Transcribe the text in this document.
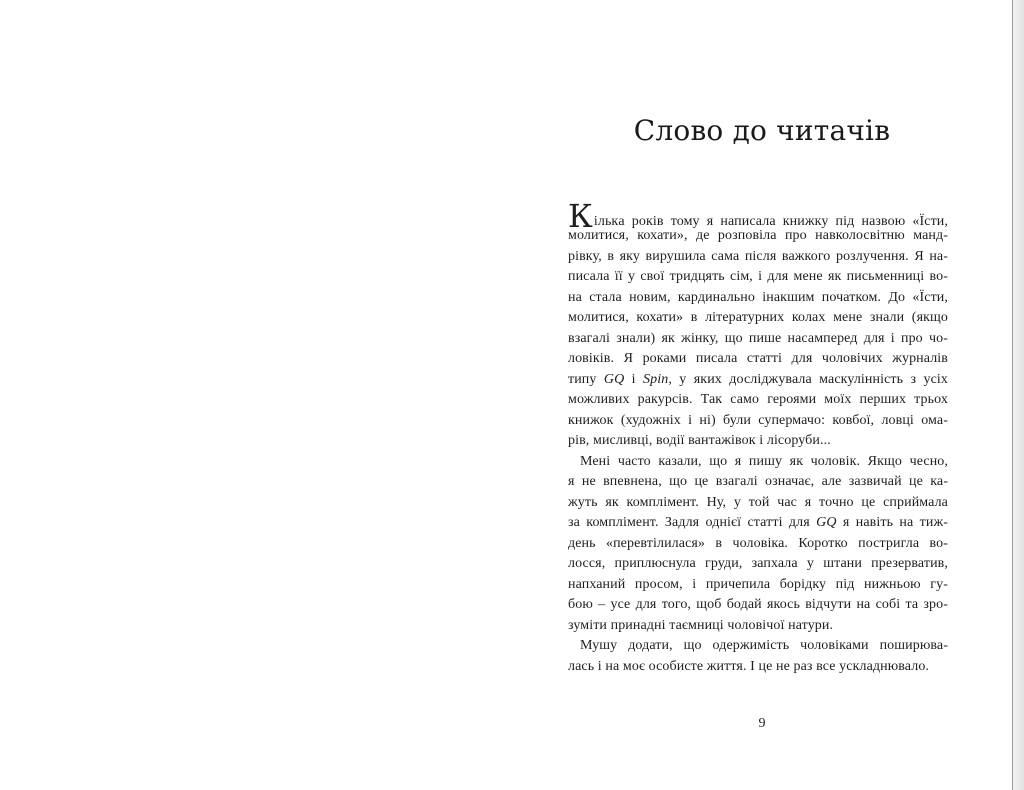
Слово до читачів
Кількa років тому я написала книжку під назвою «Їсти,
молитися, кохати», де розповіла про навколосвітню манд-
рівку, в яку вирушила сама після важкого розлучення. Я на-
писала її у свої тридцять сім, і для мене як письменниці во-
на стала новим, кардинально інакшим початком. До «Їсти,
молитися, кохати» в літературних колах мене знали (якщо
взагалі знали) як жінку, що пише насамперед для і про чо-
ловіків. Я роками писала статті для чоловічих журналів
типу GQ і Spin, у яких досліджувала маскулінність з усіх
можливих ракурсів. Так само героями моїх перших трьох
книжок (художніх і ні) були супермачо: ковбої, ловці ома-
рів, мисливці, водії вантажівок і лісоруби...
Мені часто казали, що я пишу як чоловік. Якщо чесно,
я не впевнена, що це взагалі означає, але зазвичай це ка-
жуть як комплімент. Ну, у той час я точно це сприймала
за комплімент. Задля однієї статті для GQ я навіть на тиж-
день «перевтілилася» в чоловіка. Коротко постригла во-
лосся, приплюснула груди, запхала у штани презерватив,
напханий просом, і причепила борідку під нижньою гу-
бою – усе для того, щоб бодай якось відчути на собі та зро-
зуміти принадні таємниці чоловічої натури.
Мушу додати, що одержимість чоловіками поширюва-
лась і на моє особисте життя. І це не раз все ускладнювало.
9
